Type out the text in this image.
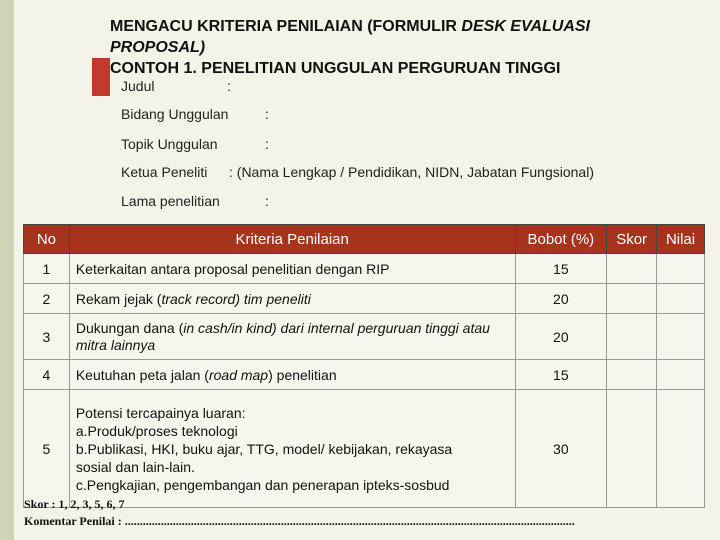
MENGACU KRITERIA PENILAIAN (FORMULIR DESK EVALUASI
PROPOSAL)
CONTOH 1. PENELITIAN UNGGULAN PERGURUAN TINGGI
Judul	:
Bidang Unggulan	:
Topik Unggulan	:
Ketua Peneliti : (Nama Lengkap / Pendidikan, NIDN, Jabatan Fungsional)
Lama penelitian	:
No	Kriteria Penilaian	Bobot (%)	Skor	Nilai
1	Keterkaitan antara proposal penelitian dengan RIP	15		
2	Rekam jejak (track record) tim peneliti	20		
3	Dukungan dana (in cash/in kind) dari internal perguruan tinggi atau mitra lainnya	20		
4	Keutuhan peta jalan (road map) penelitian	15		
5	Potensi tercapainya luaran:
a.Produk/proses teknologi
b.Publikasi, HKI, buku ajar, TTG, model/ kebijakan, rekayasa sosial dan lain-lain.
c.Pengkajian, pengembangan dan penerapan ipteks-sosbud	30		
Skor : 1, 2, 3, 5, 6, 7
Komentar Penilai : ......................................................................................................................................................
